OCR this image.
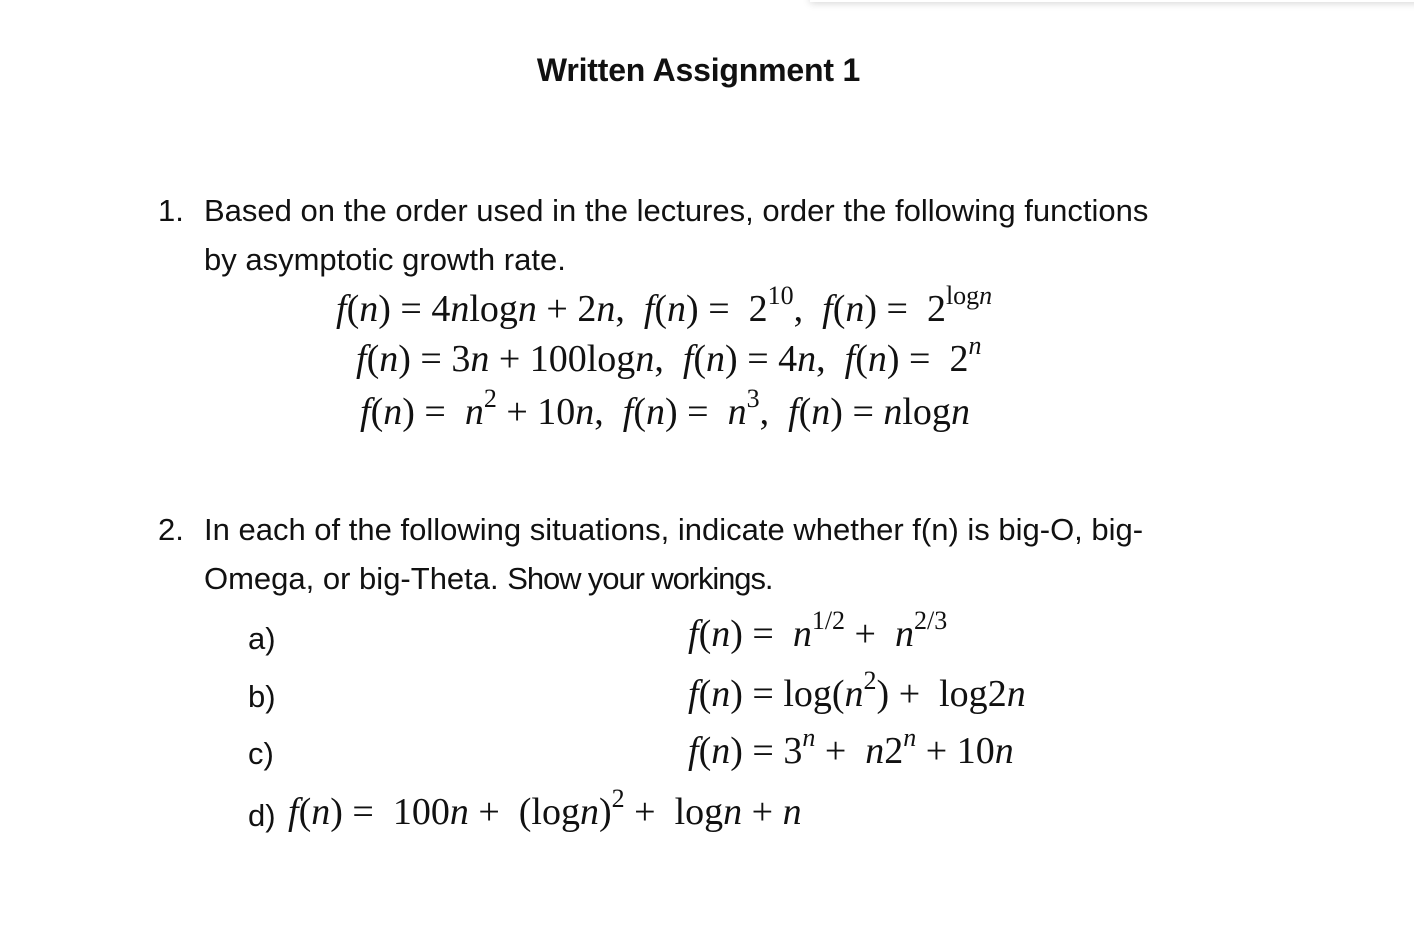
Written Assignment 1
1. Based on the order used in the lectures, order the following functions
by asymptotic growth rate.
f(n) = 4nlogn + 2n, $f(n) = 2^{10}$, $f(n) = 2^{logn}$
f(n) = 3n + 100logn, f(n) = 4n, $f(n) = 2^n$
$f(n) = n^2 + 10n$, $f(n) = n^3$, f(n) = nlogn
2. In each of the following situations, indicate whether f(n) is big-O, big-
Omega, or big-Theta. Show your workings.
a)	$f(n) = n^{1/2} + n^{2/3}$
b)	$f(n) = \log(n^2) + \log 2n$
c)	$f(n) = 3^n + n2^n + 10n$
d) $f(n) = 100n + (\log n)^2 + \log n + n$
